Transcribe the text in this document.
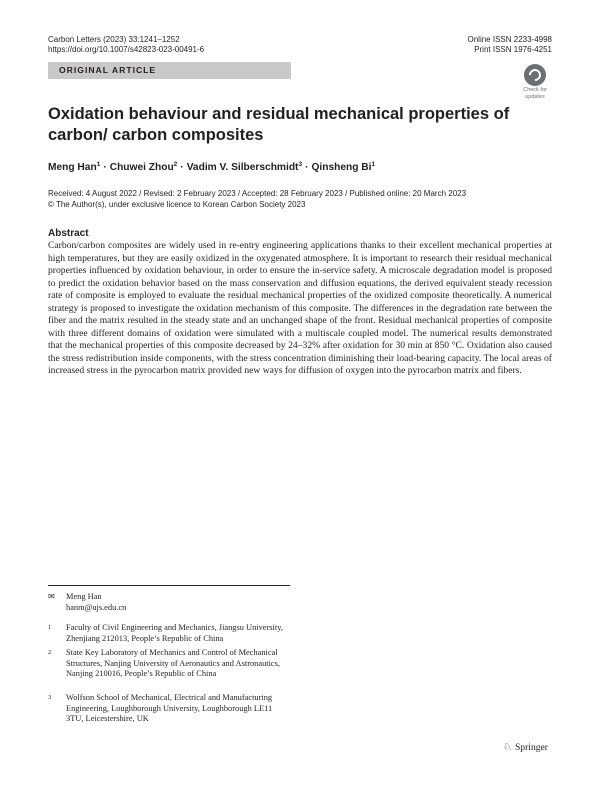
Carbon Letters (2023) 33:1241–1252
https://doi.org/10.1007/s42823-023-00491-6
Online ISSN 2233-4998
Print ISSN 1976-4251
ORIGINAL ARTICLE
Check for
updates
Oxidation behaviour and residual mechanical properties of carbon/ carbon composites
Meng Han$^1$ · Chuwei Zhou$^2$ · Vadim V. Silberschmidt$^3$ · Qinsheng Bi$^1$
Received: 4 August 2022 / Revised: 2 February 2023 / Accepted: 28 February 2023 / Published online: 20 March 2023
© The Author(s), under exclusive licence to Korean Carbon Society 2023
Abstract
Carbon/carbon composites are widely used in re-entry engineering applications thanks to their excellent mechanical properties at high temperatures, but they are easily oxidized in the oxygenated atmosphere. It is important to research their residual mechanical properties influenced by oxidation behaviour, in order to ensure the in-service safety. A microscale degradation model is proposed to predict the oxidation behavior based on the mass conservation and diffusion equations, the derived equivalent steady recession rate of composite is employed to evaluate the residual mechanical properties of the oxidized composite theoretically. A numerical strategy is proposed to investigate the oxidation mechanism of this composite. The differences in the degradation rate between the fiber and the matrix resulted in the steady state and an unchanged shape of the front. Residual mechanical properties of composite with three different domains of oxidation were simulated with a multiscale coupled model. The numerical results demonstrated that the mechanical properties of this composite decreased by 24–32% after oxidation for 30 min at 850 °C. Oxidation also caused the stress redistribution inside components, with the stress concentration diminishing their load-bearing capacity. The local areas of increased stress in the pyrocarbon matrix provided new ways for diffusion of oxygen into the pyrocarbon matrix and fibers.
✉ Meng Han
hanm@ujs.edu.cn
1 Faculty of Civil Engineering and Mechanics, Jiangsu University, Zhenjiang 212013, People’s Republic of China
2 State Key Laboratory of Mechanics and Control of Mechanical Structures, Nanjing University of Aeronautics and Astronautics, Nanjing 210016, People’s Republic of China
3 Wolfson School of Mechanical, Electrical and Manufacturing Engineering, Loughborough University, Loughborough LE11 3TU, Leicestershire, UK
♘ Springer
